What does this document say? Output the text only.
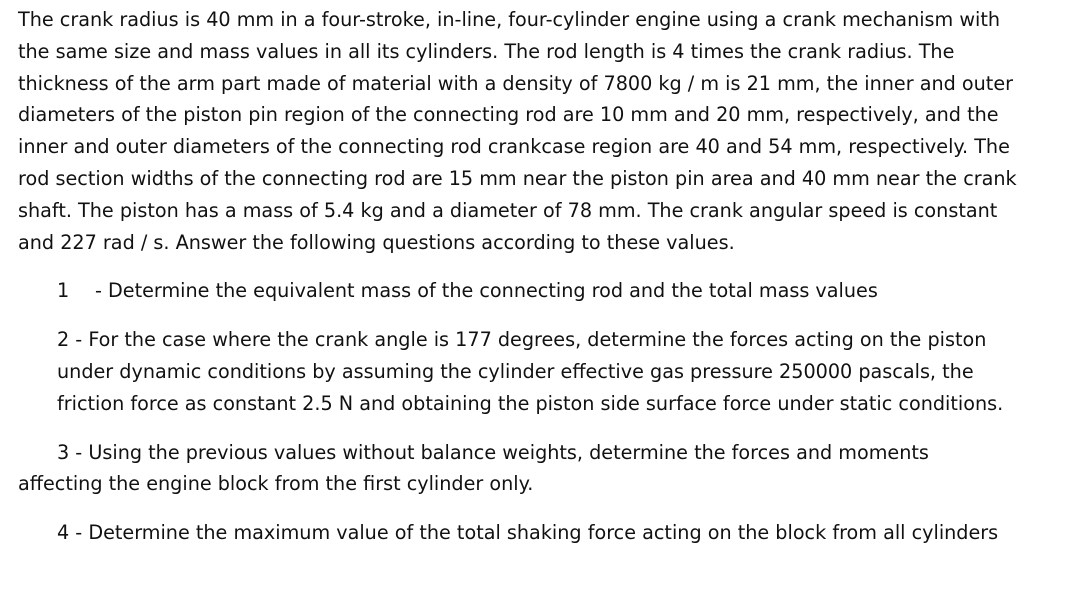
The crank radius is 40 mm in a four-stroke, in-line, four-cylinder engine using a crank mechanism with the same size and mass values in all its cylinders. The rod length is 4 times the crank radius. The thickness of the arm part made of material with a density of 7800 kg / m is 21 mm, the inner and outer diameters of the piston pin region of the connecting rod are 10 mm and 20 mm, respectively, and the inner and outer diameters of the connecting rod crankcase region are 40 and 54 mm, respectively. The rod section widths of the connecting rod are 15 mm near the piston pin area and 40 mm near the crank shaft. The piston has a mass of 5.4 kg and a diameter of 78 mm. The crank angular speed is constant and 227 rad / s. Answer the following questions according to these values.

1 - Determine the equivalent mass of the connecting rod and the total mass values

2 - For the case where the crank angle is 177 degrees, determine the forces acting on the piston under dynamic conditions by assuming the cylinder effective gas pressure 250000 pascals, the friction force as constant 2.5 N and obtaining the piston side surface force under static conditions.

3 - Using the previous values without balance weights, determine the forces and moments affecting the engine block from the first cylinder only.

4 - Determine the maximum value of the total shaking force acting on the block from all cylinders
